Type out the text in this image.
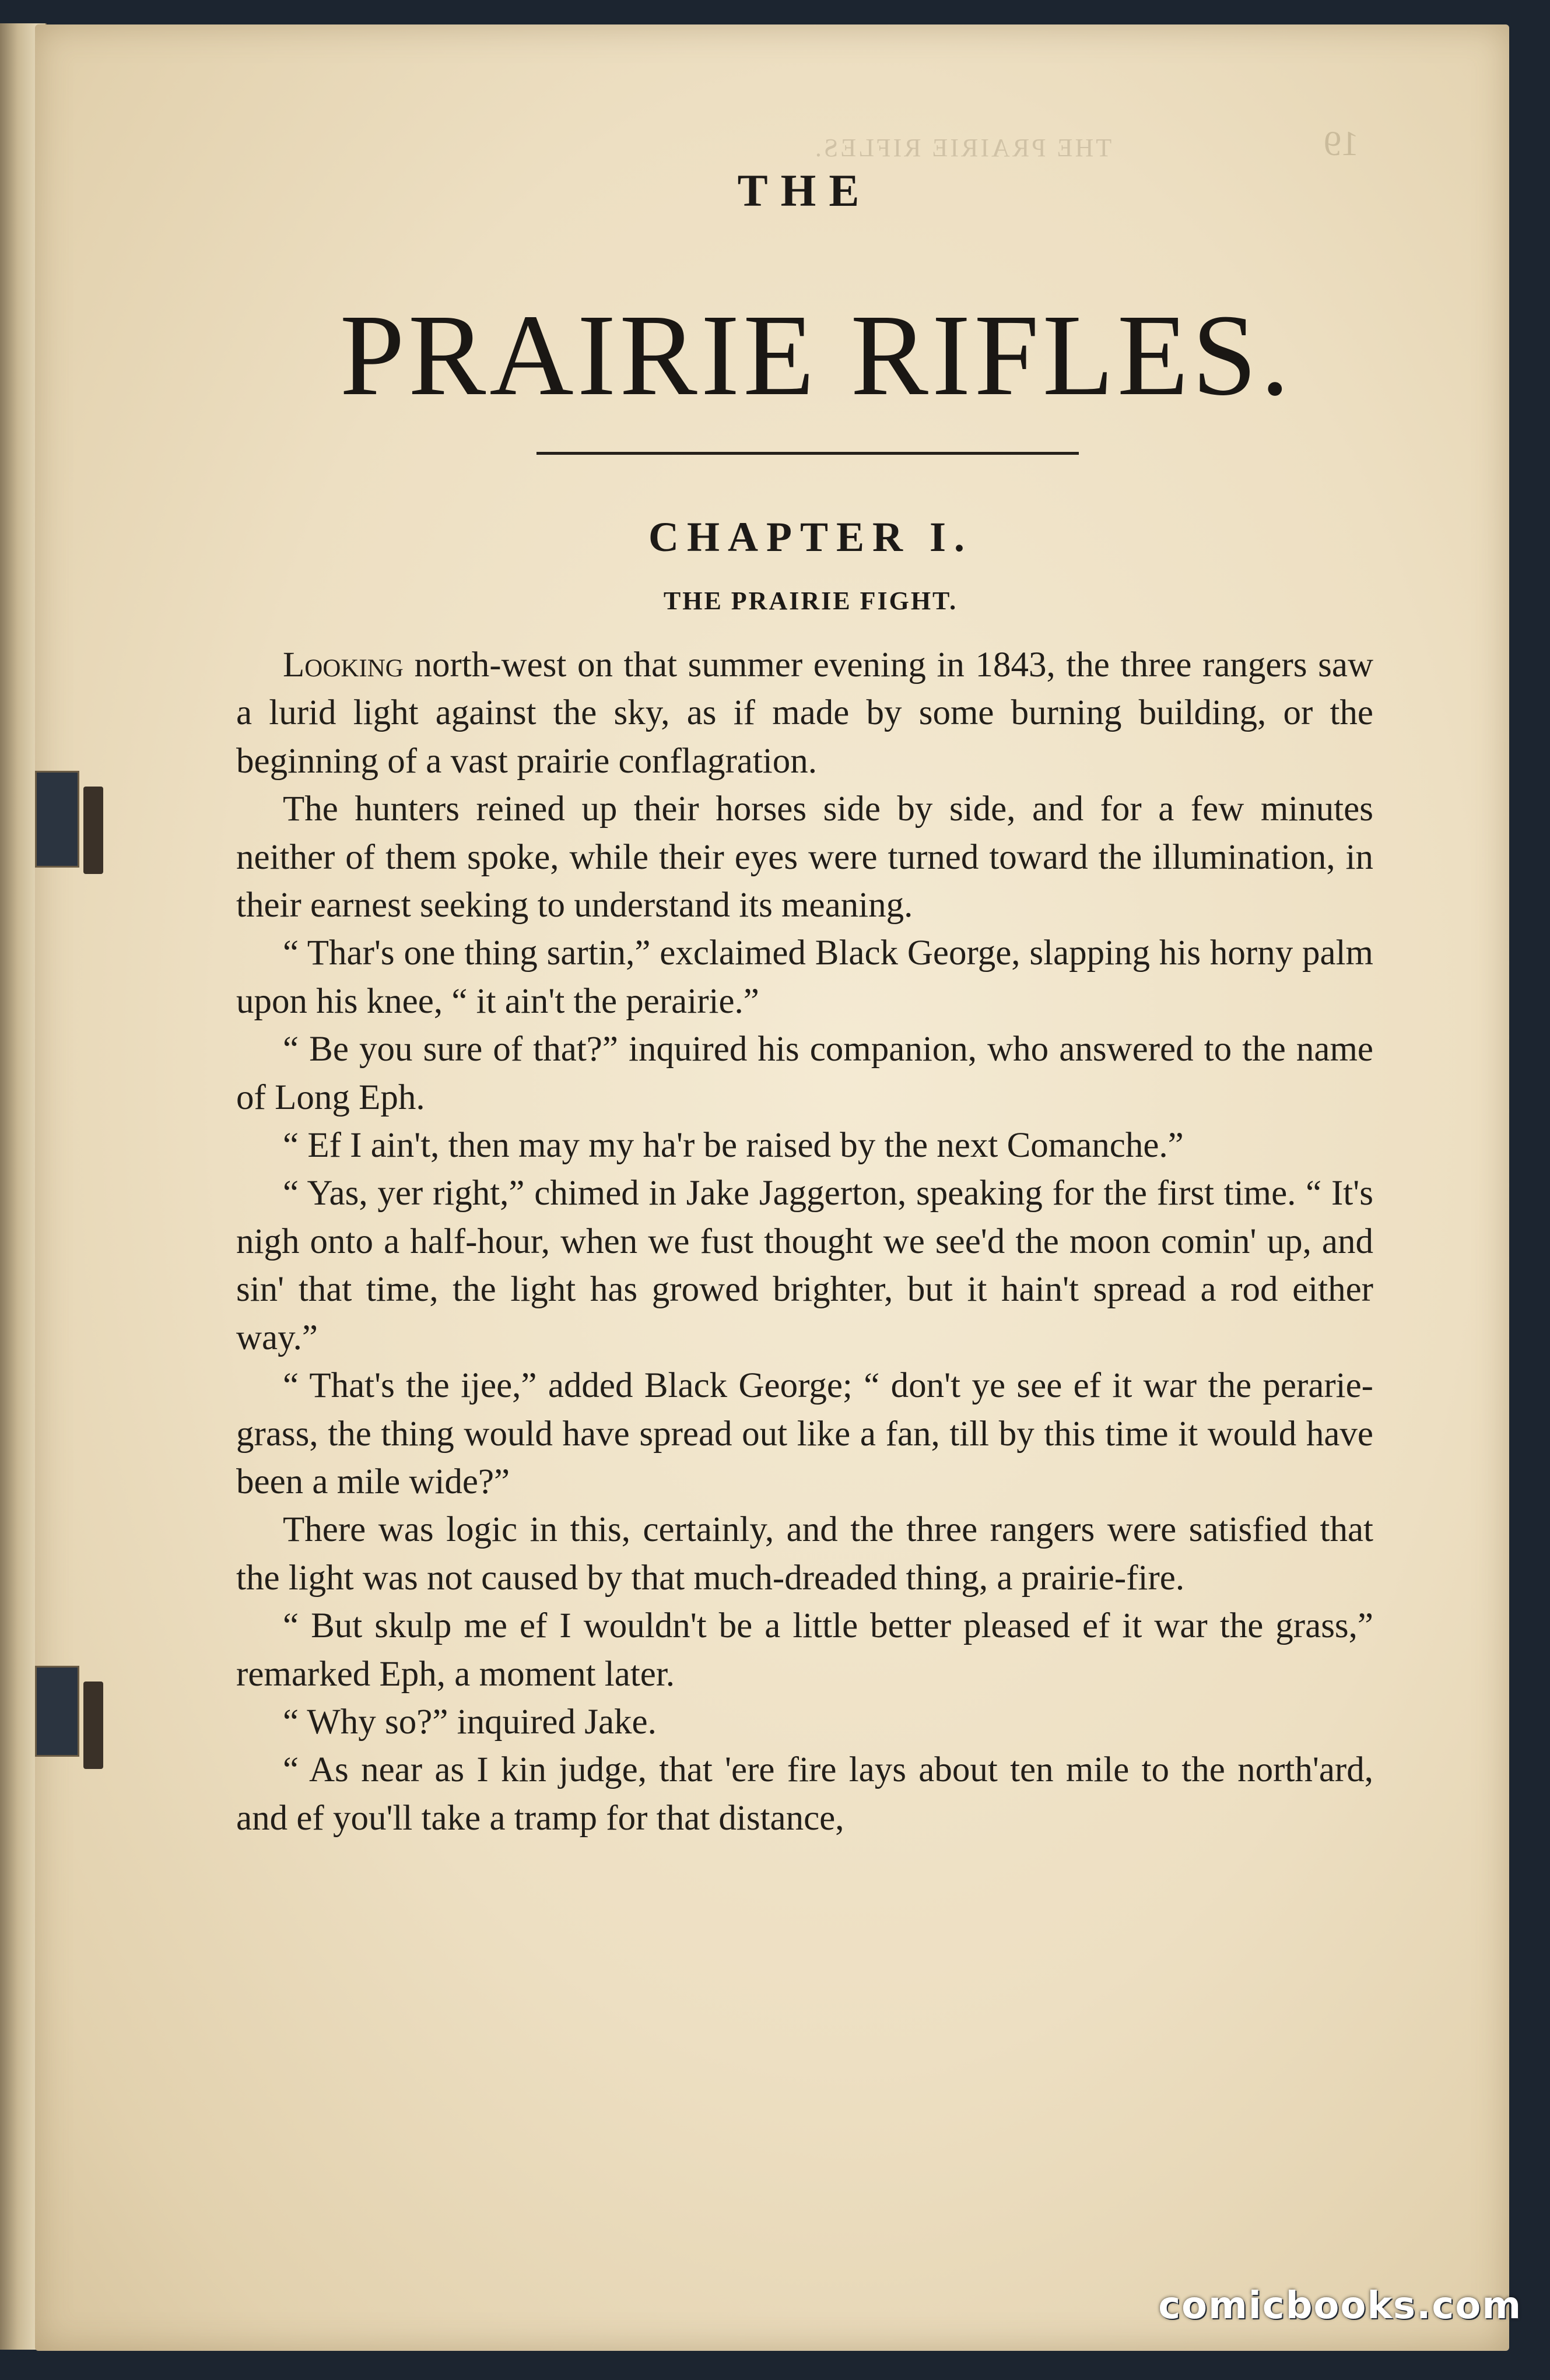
THE PRAIRIE RIFLES.	19
THE
PRAIRIE RIFLES.
CHAPTER I.
THE PRAIRIE FIGHT.

Looking north-west on that summer evening in 1843, the three rangers saw a lurid light against the sky, as if made by some burning building, or the beginning of a vast prairie conflagration.

The hunters reined up their horses side by side, and for a few minutes neither of them spoke, while their eyes were turned toward the illumination, in their earnest seeking to understand its meaning.

“ Thar's one thing sartin,” exclaimed Black George, slapping his horny palm upon his knee, “ it ain't the perairie.”

“ Be you sure of that?” inquired his companion, who answered to the name of Long Eph.

“ Ef I ain't, then may my ha'r be raised by the next Comanche.”

“ Yas, yer right,” chimed in Jake Jaggerton, speaking for the first time. “ It's nigh onto a half-hour, when we fust thought we see'd the moon comin' up, and sin' that time, the light has growed brighter, but it hain't spread a rod either way.”

“ That's the ijee,” added Black George; “ don't ye see ef it war the perarie-grass, the thing would have spread out like a fan, till by this time it would have been a mile wide?”

There was logic in this, certainly, and the three rangers were satisfied that the light was not caused by that much-dreaded thing, a prairie-fire.

“ But skulp me ef I wouldn't be a little better pleased ef it war the grass,” remarked Eph, a moment later.

“ Why so?” inquired Jake.

“ As near as I kin judge, that 'ere fire lays about ten mile to the north'ard, and ef you'll take a tramp for that distance,

comicbooks.com
